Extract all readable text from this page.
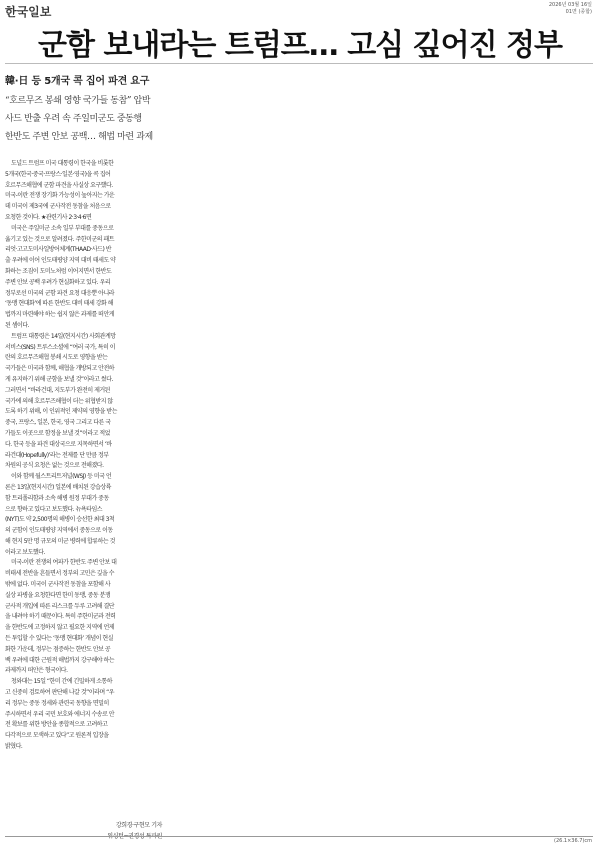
한국일보	2026년 03월 16일
01면 (종합)
군함 보내라는 트럼프… 고심 깊어진 정부
韓·日 등 5개국 콕 집어 파견 요구
“호르무즈 봉쇄 영향 국가들 동참” 압박
사드 반출 우려 속 주일미군도 중동행
한반도 주변 안보 공백… 해법 마련 과제
도널드 트럼프 미국 대통령이 한국을 비롯한
5개국(한국·중국·프랑스·일본·영국)을 콕 집어
호르무즈해협에 군함 파견을 사실상 요구했다.
미국-이란 전쟁 장기화 가능성이 높아지는 가운
데 미국이 제3국에 군사작전 동참을 처음으로
요청한 것이다. ★관련기사 2·3·4·6면
미국은 주일미군 소속 일부 부대를 중동으로
옮기고 있는 것으로 알려졌다. 주한미군의 패트
리엇·고고도미사일방어체계(THAAD·사드) 반
출 우려에 이어 인도태평양 지역 대비 태세도 약
화하는 조짐이 도미노처럼 이어지면서 한반도
주변 안보 공백 우려가 현실화하고 있다. 우리
정부로선 미국의 군함 파견 요청 대응뿐 아니라
‘동맹 현대화’에 따른 한반도 대비 태세 강화 해
법까지 마련해야 하는 쉽지 않은 과제를 떠안게
된 셈이다.
트럼프 대통령은 14일(현지시간) 사회관계망
서비스(SNS) 트루스소셜에 “여러 국가, 특히 이
란의 호르무즈해협 봉쇄 시도로 영향을 받는
국가들은 미국과 함께, 해협을 개방되고 안전하
게 유지하기 위해 군함을 보낼 것”이라고 썼다.
그러면서 “바라건대, 지도부가 완전히 제거된
국가에 의해 호르무즈해협이 더는 위협받지 않
도록 하기 위해, 이 인위적인 제약의 영향을 받는
중국, 프랑스, 일본, 한국, 영국 그리고 다른 국
가들도 이곳으로 함정을 보낼 것”이라고 적었
다. 한국 등을 파견 대상국으로 지목하면서 ‘바
라건대(Hopefully)’라는 전제를 단 만큼 정부
차원의 공식 요청은 없는 것으로 전해졌다.
이와 함께 월스트리트저널(WSJ) 등 미국 언
론은 13일(현지시간) 일본에 배치된 강습상륙
함 트리폴리함과 소속 해병 원정 부대가 중동
으로 향하고 있다고 보도했다. 뉴욕타임스
(NYT)도 약 2,500명의 해병이 승선한 최대 3척
의 군함이 인도태평양 지역에서 중동으로 이동
해 현지 5만 명 규모의 미군 병력에 합류하는 것
이라고 보도했다.
미국-이란 전쟁의 여파가 한반도 주변 안보 대
비태세 전반을 흔들면서 정부의 고민은 깊을 수
밖에 없다. 미국이 군사작전 동참을 포함해 사
실상 파병을 요청한다면 한미 동맹, 중동 분쟁
군사적 개입에 따른 리스크를 두루 고려해 결단
을 내려야 하기 때문이다. 특히 주한미군과 전력
을 한반도에 고정하지 않고 필요한 지역에 언제
든 투입할 수 있다는 ‘동맹 현대화’ 개념이 현실
화한 가운데, 정부는 점증하는 한반도 안보 공
백 우려에 대한 근원적 해법까지 강구해야 하는
과제까지 떠안은 형국이다.
청와대는 15일 “한미 간에 긴밀하게 소통하
고 신중히 검토하여 판단해 나갈 것”이라며 “우
리 정부는 중동 정세와 관련국 동향을 면밀히
주시하면서 우리 국민 보호와 에너지 수송로 안
전 확보를 위한 방안을 종합적으로 고려하고
다각적으로 모색하고 있다”고 원론적 입장을
밝혔다.
강희경·구현모 기자
워싱턴=권경성 특파원
(26.1×36.7)cm
